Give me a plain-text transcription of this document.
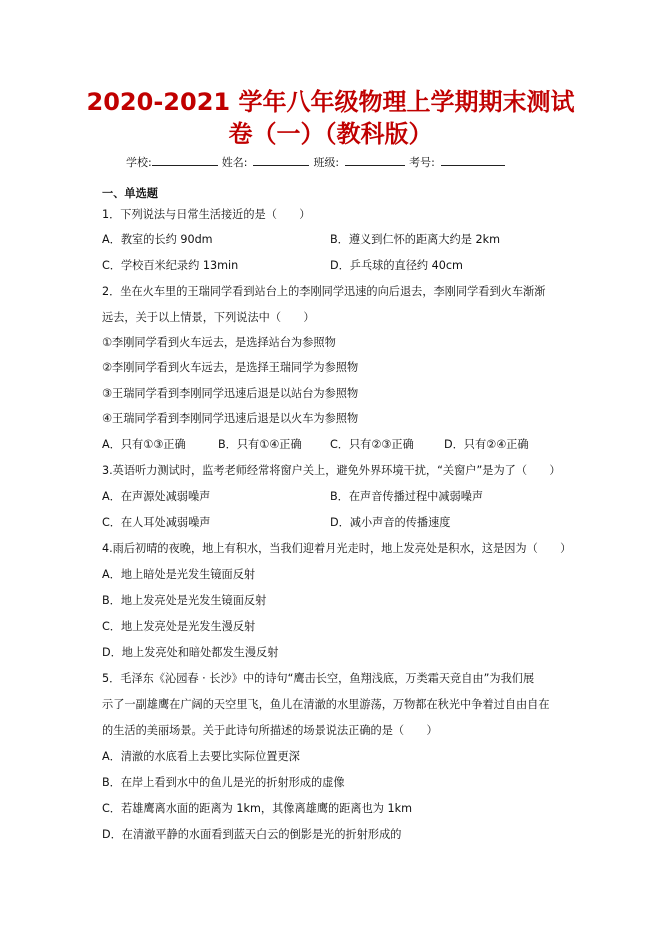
2020-2021 学年八年级物理上学期期末测试
卷（一）（教科版）
学校:	姓名:	班级:	考号:
一、单选题
1．下列说法与日常生活接近的是（　　）
A．教室的长约 90dm	B．遵义到仁怀的距离大约是 2km
C．学校百米纪录约 13min	D．乒乓球的直径约 40cm
2．坐在火车里的王瑞同学看到站台上的李刚同学迅速的向后退去，李刚同学看到火车渐渐
远去，关于以上情景，下列说法中（　　）
①李刚同学看到火车远去，是选择站台为参照物
②李刚同学看到火车远去，是选择王瑞同学为参照物
③王瑞同学看到李刚同学迅速后退是以站台为参照物
④王瑞同学看到李刚同学迅速后退是以火车为参照物
A．只有①③正确	B．只有①④正确	C．只有②③正确	D．只有②④正确
3.英语听力测试时，监考老师经常将窗户关上，避免外界环境干扰，“关窗户”是为了（　　）
A．在声源处减弱噪声	B．在声音传播过程中减弱噪声
C．在人耳处减弱噪声	D．减小声音的传播速度
4.雨后初晴的夜晚，地上有积水，当我们迎着月光走时，地上发亮处是积水，这是因为（　　）
A．地上暗处是光发生镜面反射
B．地上发亮处是光发生镜面反射
C．地上发亮处是光发生漫反射
D．地上发亮处和暗处都发生漫反射
5．毛泽东《沁园春 · 长沙》中的诗句“鹰击长空，鱼翔浅底，万类霜天竞自由”为我们展
示了一副雄鹰在广阔的天空里飞，鱼儿在清澈的水里游荡，万物都在秋光中争着过自由自在
的生活的美丽场景。关于此诗句所描述的场景说法正确的是（　　）
A．清澈的水底看上去要比实际位置更深
B．在岸上看到水中的鱼儿是光的折射形成的虚像
C．若雄鹰离水面的距离为 1km，其像离雄鹰的距离也为 1km
D．在清澈平静的水面看到蓝天白云的倒影是光的折射形成的
